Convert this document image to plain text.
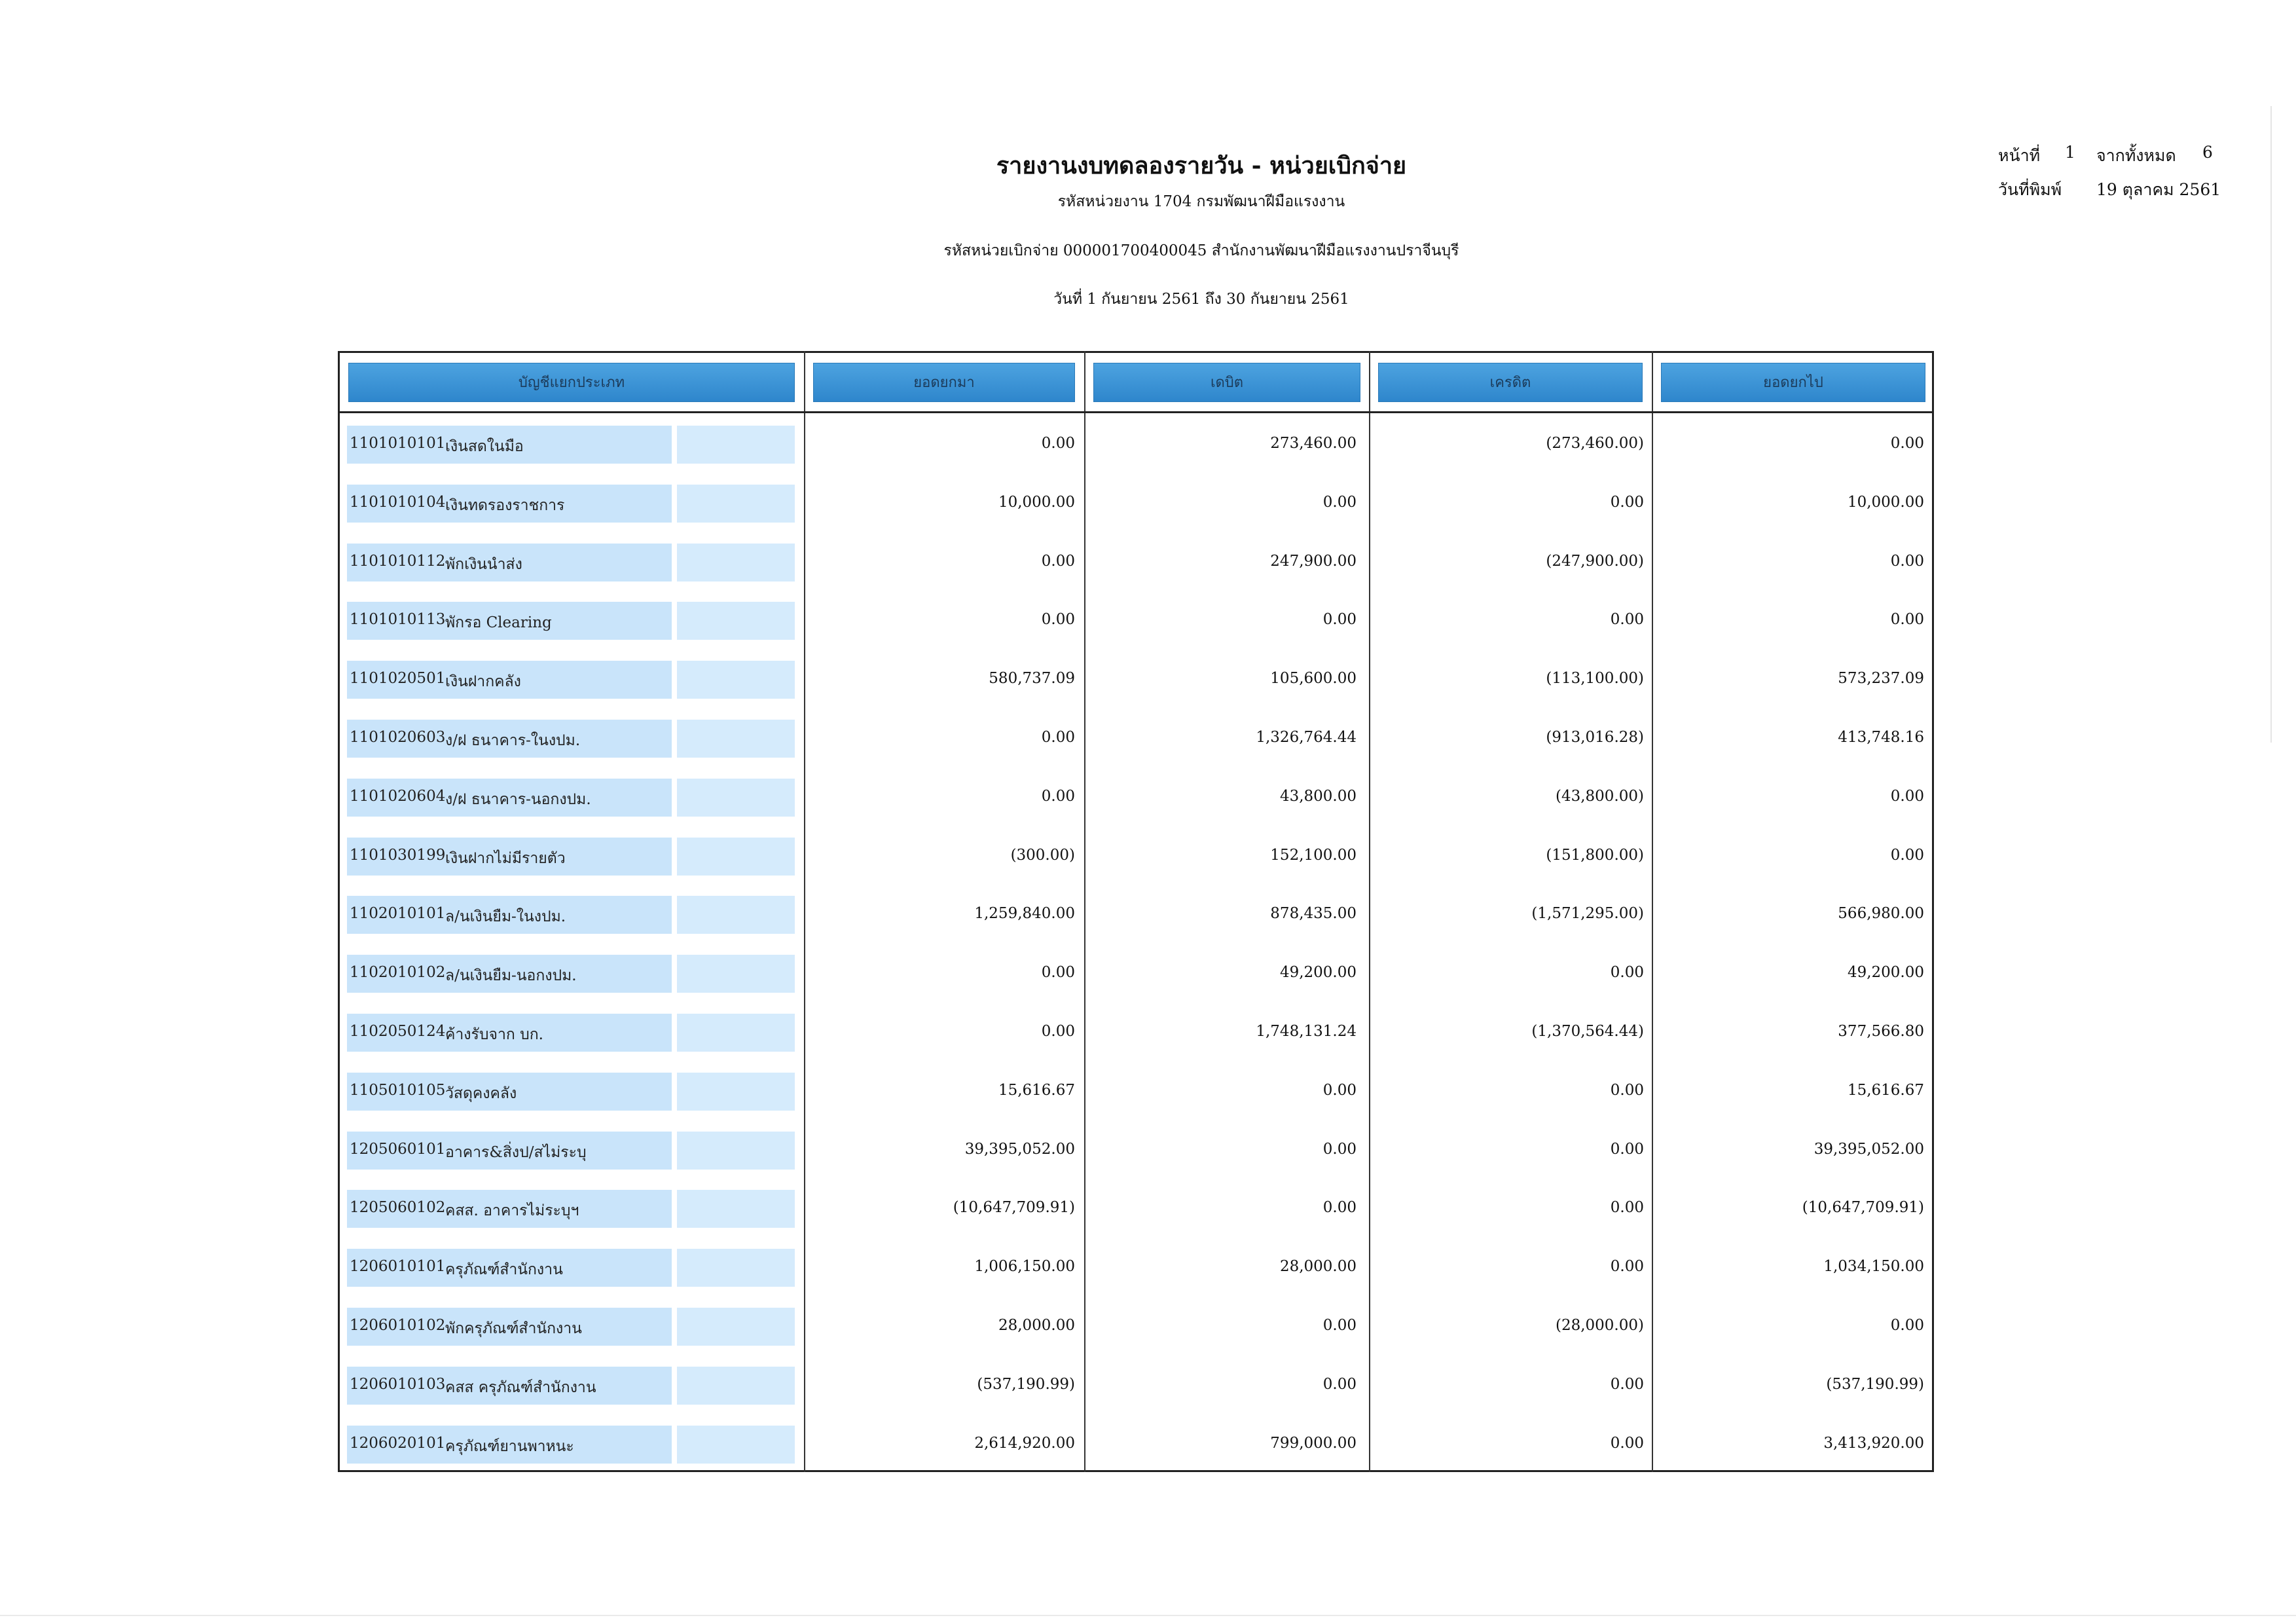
รายงานงบทดลองรายวัน - หน่วยเบิกจ่าย
รหัสหน่วยงาน 1704 กรมพัฒนาฝีมือแรงงาน
รหัสหน่วยเบิกจ่าย 000001700400045 สำนักงานพัฒนาฝีมือแรงงานปราจีนบุรี
วันที่ 1 กันยายน 2561 ถึง 30 กันยายน 2561
หน้าที่ 1 จากทั้งหมด 6
วันที่พิมพ์ 19 ตุลาคม 2561
บัญชีแยกประเภท	ยอดยกมา	เดบิต	เครดิต	ยอดยกไป
1101010101 เงินสดในมือ	0.00	273,460.00	(273,460.00)	0.00
1101010104 เงินทดรองราชการ	10,000.00	0.00	0.00	10,000.00
1101010112 พักเงินนำส่ง	0.00	247,900.00	(247,900.00)	0.00
1101010113 พักรอ Clearing	0.00	0.00	0.00	0.00
1101020501 เงินฝากคลัง	580,737.09	105,600.00	(113,100.00)	573,237.09
1101020603 ง/ฝ ธนาคาร-ในงปม.	0.00	1,326,764.44	(913,016.28)	413,748.16
1101020604 ง/ฝ ธนาคาร-นอกงปม.	0.00	43,800.00	(43,800.00)	0.00
1101030199 เงินฝากไม่มีรายตัว	(300.00)	152,100.00	(151,800.00)	0.00
1102010101 ล/นเงินยืม-ในงปม.	1,259,840.00	878,435.00	(1,571,295.00)	566,980.00
1102010102 ล/นเงินยืม-นอกงปม.	0.00	49,200.00	0.00	49,200.00
1102050124 ค้างรับจาก บก.	0.00	1,748,131.24	(1,370,564.44)	377,566.80
1105010105 วัสดุคงคลัง	15,616.67	0.00	0.00	15,616.67
1205060101 อาคาร&สิ่งป/สไม่ระบุ	39,395,052.00	0.00	0.00	39,395,052.00
1205060102 คสส. อาคารไม่ระบุฯ	(10,647,709.91)	0.00	0.00	(10,647,709.91)
1206010101 ครุภัณฑ์สำนักงาน	1,006,150.00	28,000.00	0.00	1,034,150.00
1206010102 พักครุภัณฑ์สำนักงาน	28,000.00	0.00	(28,000.00)	0.00
1206010103 คสส ครุภัณฑ์สำนักงาน	(537,190.99)	0.00	0.00	(537,190.99)
1206020101 ครุภัณฑ์ยานพาหนะ	2,614,920.00	799,000.00	0.00	3,413,920.00
